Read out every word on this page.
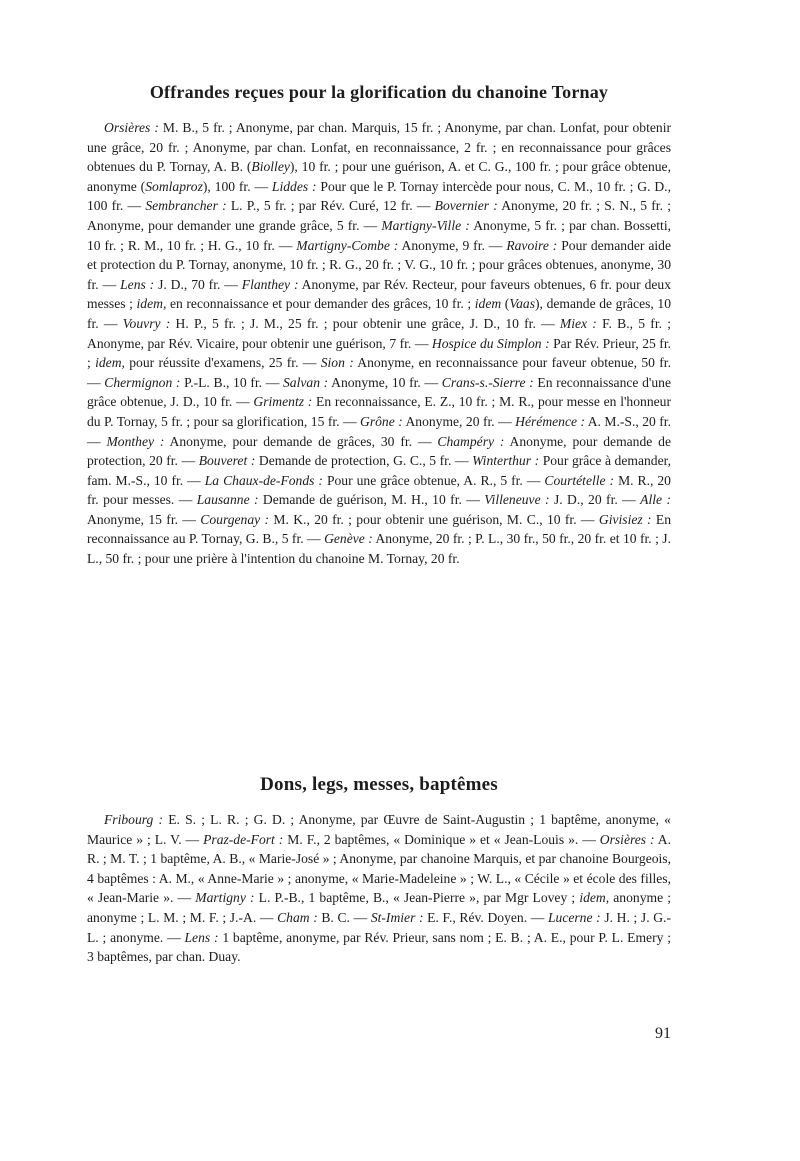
Offrandes reçues pour la glorification du chanoine Tornay

Orsières : M. B., 5 fr. ; Anonyme, par chan. Marquis, 15 fr. ; Anonyme, par chan. Lonfat, pour obtenir une grâce, 20 fr. ; Anonyme, par chan. Lonfat, en reconnaissance, 2 fr. ; en reconnaissance pour grâces obtenues du P. Tornay, A. B. (Biolley), 10 fr. ; pour une guérison, A. et C. G., 100 fr. ; pour grâce obtenue, anonyme (Somlaproz), 100 fr. — Liddes : Pour que le P. Tornay intercède pour nous, C. M., 10 fr. ; G. D., 100 fr. — Sembrancher : L. P., 5 fr. ; par Rév. Curé, 12 fr. — Bovernier : Anonyme, 20 fr. ; S. N., 5 fr. ; Anonyme, pour demander une grande grâce, 5 fr. — Martigny-Ville : Anonyme, 5 fr. ; par chan. Bossetti, 10 fr. ; R. M., 10 fr. ; H. G., 10 fr. — Martigny-Combe : Anonyme, 9 fr. — Ravoire : Pour demander aide et protection du P. Tornay, anonyme, 10 fr. ; R. G., 20 fr. ; V. G., 10 fr. ; pour grâces obtenues, anonyme, 30 fr. — Lens : J. D., 70 fr. — Flanthey : Anonyme, par Rév. Recteur, pour faveurs obtenues, 6 fr. pour deux messes ; idem, en reconnaissance et pour demander des grâces, 10 fr. ; idem (Vaas), demande de grâces, 10 fr. — Vouvry : H. P., 5 fr. ; J. M., 25 fr. ; pour obtenir une grâce, J. D., 10 fr. — Miex : F. B., 5 fr. ; Anonyme, par Rév. Vicaire, pour obtenir une guérison, 7 fr. — Hospice du Simplon : Par Rév. Prieur, 25 fr. ; idem, pour réussite d'examens, 25 fr. — Sion : Anonyme, en reconnaissance pour faveur obtenue, 50 fr. — Chermignon : P.-L. B., 10 fr. — Salvan : Anonyme, 10 fr. — Crans-s.-Sierre : En reconnaissance d'une grâce obtenue, J. D., 10 fr. — Grimentz : En reconnaissance, E. Z., 10 fr. ; M. R., pour messe en l'honneur du P. Tornay, 5 fr. ; pour sa glorification, 15 fr. — Grône : Anonyme, 20 fr. — Hérémence : A. M.-S., 20 fr. — Monthey : Anonyme, pour demande de grâces, 30 fr. — Champéry : Anonyme, pour demande de protection, 20 fr. — Bouveret : Demande de protection, G. C., 5 fr. — Winterthur : Pour grâce à demander, fam. M.-S., 10 fr. — La Chaux-de-Fonds : Pour une grâce obtenue, A. R., 5 fr. — Courtételle : M. R., 20 fr. pour messes. — Lausanne : Demande de guérison, M. H., 10 fr. — Villeneuve : J. D., 20 fr. — Alle : Anonyme, 15 fr. — Courgenay : M. K., 20 fr. ; pour obtenir une guérison, M. C., 10 fr. — Givisiez : En reconnaissance au P. Tornay, G. B., 5 fr. — Genève : Anonyme, 20 fr. ; P. L., 30 fr., 50 fr., 20 fr. et 10 fr. ; J. L., 50 fr. ; pour une prière à l'intention du chanoine M. Tornay, 20 fr.

Dons, legs, messes, baptêmes

Fribourg : E. S. ; L. R. ; G. D. ; Anonyme, par Œuvre de Saint-Augustin ; 1 baptême, anonyme, « Maurice » ; L. V. — Praz-de-Fort : M. F., 2 baptêmes, « Dominique » et « Jean-Louis ». — Orsières : A. R. ; M. T. ; 1 baptême, A. B., « Marie-José » ; Anonyme, par chanoine Marquis, et par chanoine Bourgeois, 4 baptêmes : A. M., « Anne-Marie » ; anonyme, « Marie-Madeleine » ; W. L., « Cécile » et école des filles, « Jean-Marie ». — Martigny : L. P.-B., 1 baptême, B., « Jean-Pierre », par Mgr Lovey ; idem, anonyme ; anonyme ; L. M. ; M. F. ; J.-A. — Cham : B. C. — St-Imier : E. F., Rév. Doyen. — Lucerne : J. H. ; J. G.-L. ; anonyme. — Lens : 1 baptême, anonyme, par Rév. Prieur, sans nom ; E. B. ; A. E., pour P. L. Emery ; 3 baptêmes, par chan. Duay.

91
